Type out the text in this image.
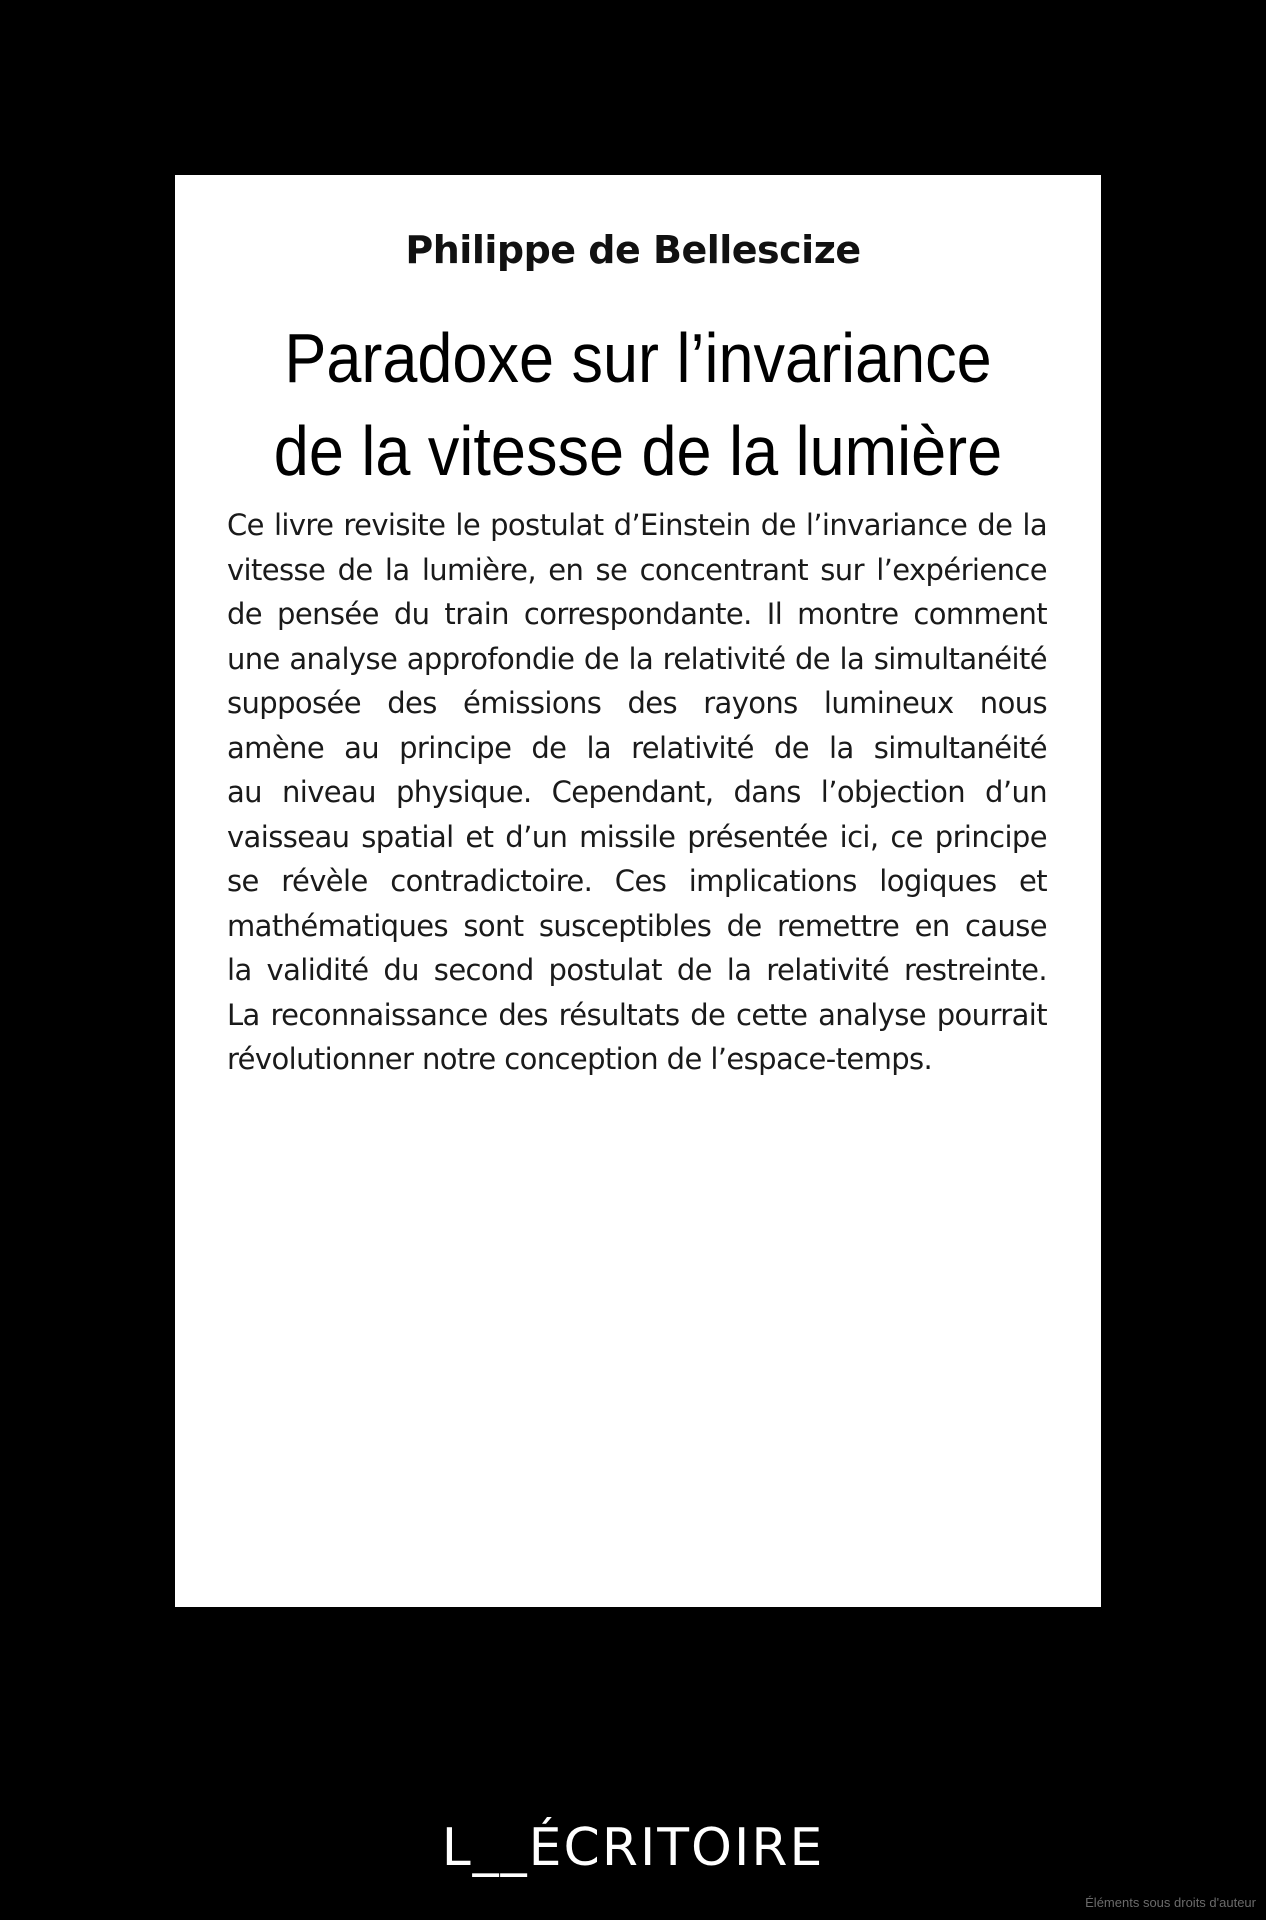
Philippe de Bellescize
Paradoxe sur l’invariance
de la vitesse de la lumière
Ce livre revisite le postulat d’Einstein de l’invariance de la
vitesse de la lumière, en se concentrant sur l’expérience
de pensée du train correspondante. Il montre comment
une analyse approfondie de la relativité de la simultanéité
supposée des émissions des rayons lumineux nous
amène au principe de la relativité de la simultanéité
au niveau physique. Cependant, dans l’objection d’un
vaisseau spatial et d’un missile présentée ici, ce principe
se révèle contradictoire. Ces implications logiques et
mathématiques sont susceptibles de remettre en cause
la validité du second postulat de la relativité restreinte.
La reconnaissance des résultats de cette analyse pourrait
révolutionner notre conception de l’espace-temps.
L__ÉCRITOIRE
Éléments sous droits d'auteur
